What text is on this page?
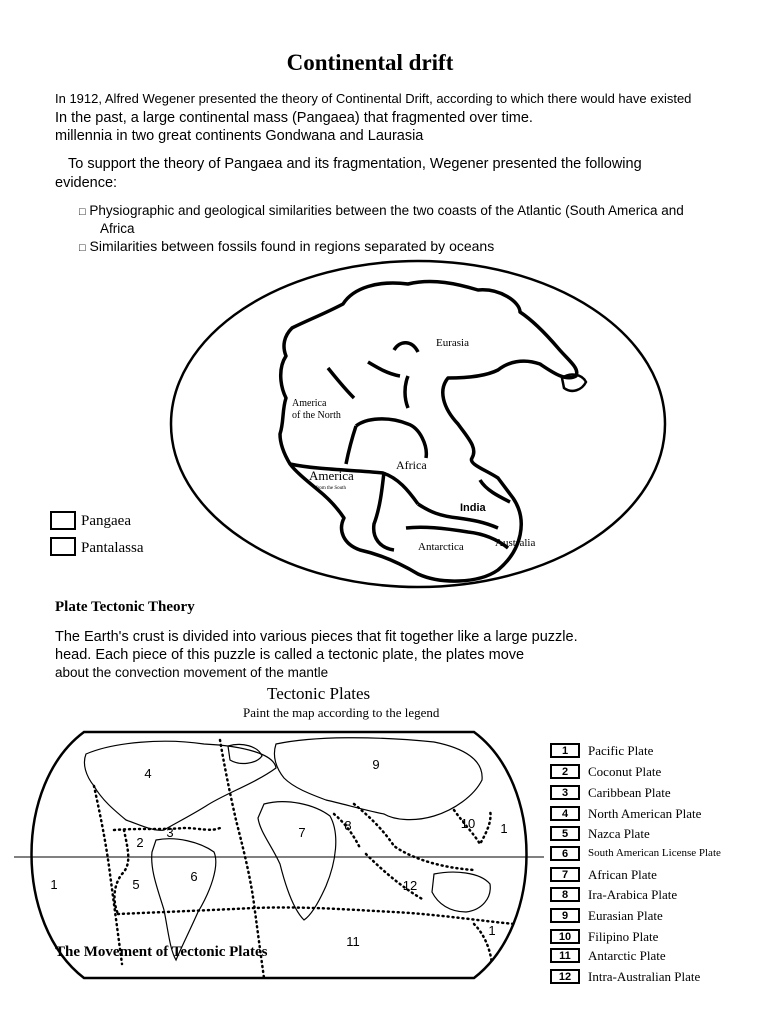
Continental drift
In 1912, Alfred Wegener presented the theory of Continental Drift, according to which there would have existed
In the past, a large continental mass (Pangaea) that fragmented over time.
millennia in two great continents Gondwana and Laurasia
To support the theory of Pangaea and its fragmentation, Wegener presented the following
evidence:
□ Physiographic and geological similarities between the two coasts of the Atlantic (South America and
Africa
□ Similarities between fossils found in regions separated by oceans
Eurasia
America
of the North
Africa
America
from the South
India
Antarctica	Australia
Pangaea
Pantalassa
Plate Tectonic Theory
The Earth's crust is divided into various pieces that fit together like a large puzzle.
head. Each piece of this puzzle is called a tectonic plate, the plates move
about the convection movement of the mantle
Tectonic Plates
Paint the map according to the legend
4
9
3
2
7	8	10 1
1	5
6
12
1
11
The Movement of Tectonic Plates
1	Pacific Plate
2	Coconut Plate
3	Caribbean Plate
4	North American Plate
5	Nazca Plate
6	South American License Plate
7	African Plate
8	Ira-Arabica Plate
9	Eurasian Plate
10	Filipino Plate
11	Antarctic Plate
12	Intra-Australian Plate
